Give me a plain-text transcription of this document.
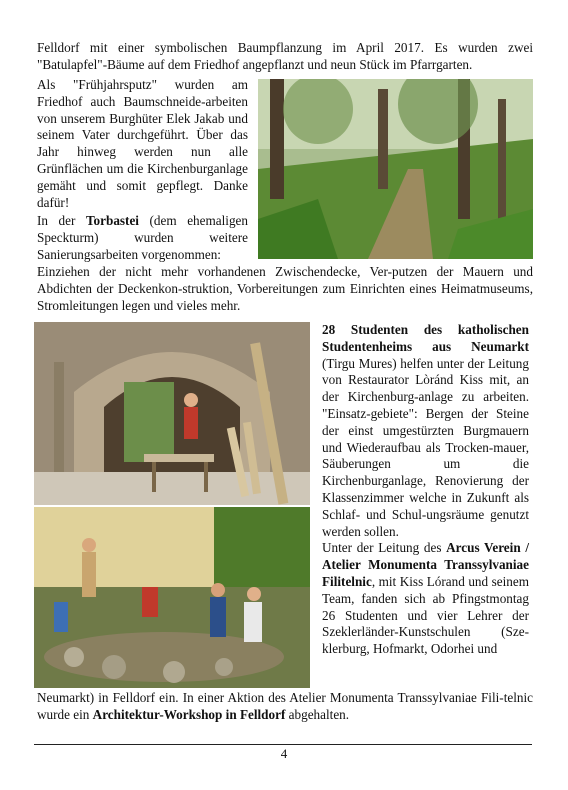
Felldorf mit einer symbolischen Baumpflanzung im April 2017. Es wurden zwei "Batulapfel"-Bäume auf dem Friedhof angepflanzt und neun Stück im Pfarrgarten.

Als "Frühjahrsputz" wurden am Friedhof auch Baumschneide-arbeiten von unserem Burghüter Elek Jakab und seinem Vater durchgeführt. Über das Jahr hinweg werden nun alle Grünflächen um die Kirchenburganlage gemäht und somit gepflegt. Danke dafür!

In der Torbastei (dem ehemaligen Speckturm) wurden weitere Sanierungsarbeiten vorgenommen:

Einziehen der nicht mehr vorhandenen Zwischendecke, Ver-putzen der Mauern und Abdichten der Deckenkon-struktion, Vorbereitungen zum Einrichten eines Heimatmuseums, Stromleitungen legen und vieles mehr.

28 Studenten des katholischen Studentenheims aus Neumarkt (Tirgu Mures) helfen unter der Leitung von Restaurator Lòránd Kiss mit, an der Kirchenburg-anlage zu arbeiten. "Einsatz-gebiete": Bergen der Steine der einst umgestürzten Burgmauern und Wiederaufbau als Trocken-mauer, Säuberungen um die Kirchenburganlage, Renovierung der Klassenzimmer welche in Zukunft als Schlaf- und Schul-ungsräume genutzt werden sollen.

Unter der Leitung des Arcus Verein / Atelier Monumenta Transsylvaniae Filitelnic, mit Kiss Lórand und seinem Team, fanden sich ab Pfingstmontag 26 Studenten und vier Lehrer der Szeklerländer-Kunstschulen (Sze-klerburg, Hofmarkt, Odorhei und

Neumarkt) in Felldorf ein. In einer Aktion des Atelier Monumenta Transsylvaniae Fili-telnic wurde ein Architektur-Workshop in Felldorf abgehalten.

4
